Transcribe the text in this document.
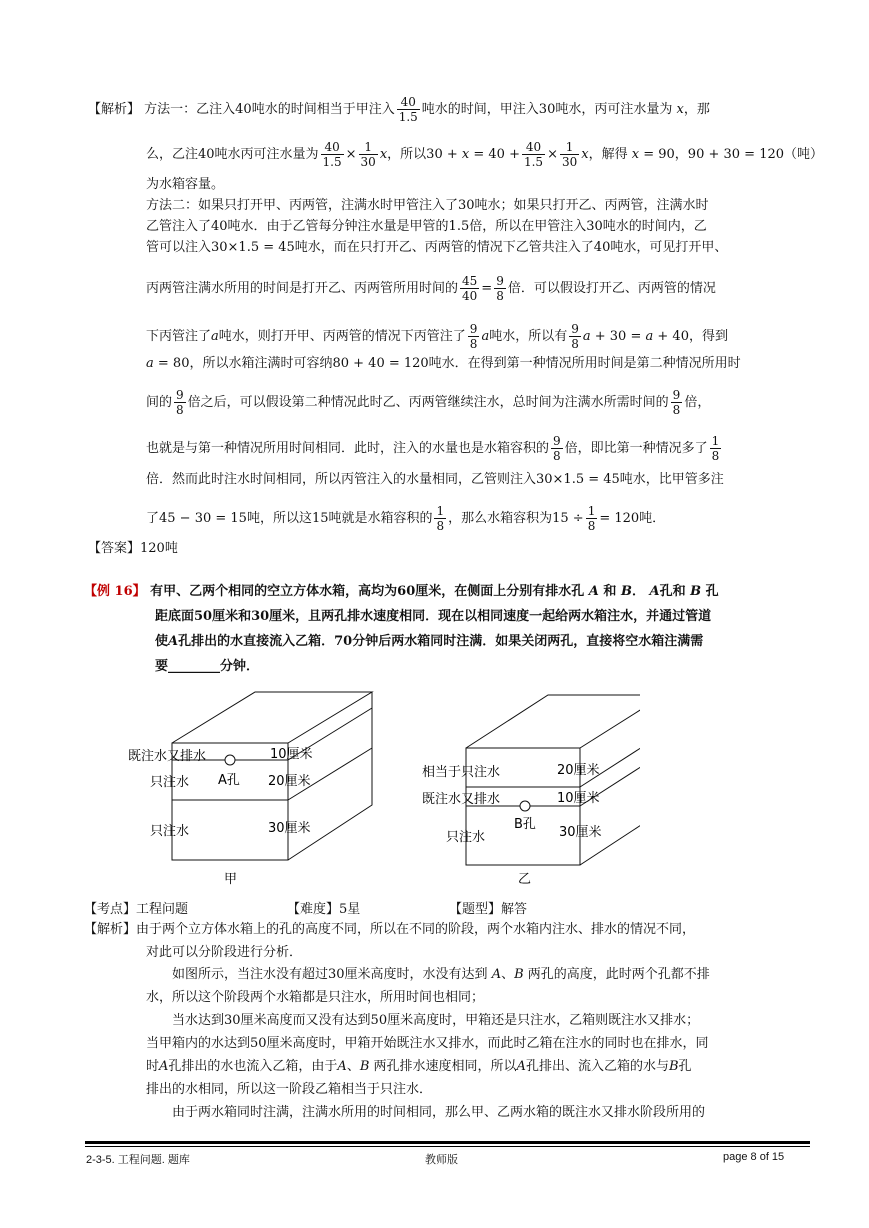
【解析】 方法一：乙注入40吨水的时间相当于甲注入 $\frac{40}{1.5}$ 吨水的时间，甲注入30吨水，丙可注水量为 x，那
么，乙注40吨水丙可注水量为 $\frac{40}{1.5} \times \frac{1}{30}$ x，所以$30 + x = 40 + \frac{40}{1.5} \times \frac{1}{30}$ x，解得 x = 90，90 + 30 = 120（吨）
为水箱容量。
方法二：如果只打开甲、丙两管，注满水时甲管注入了30吨水；如果只打开乙、丙两管，注满水时
乙管注入了40吨水．由于乙管每分钟注水量是甲管的1.5倍，所以在甲管注入30吨水的时间内，乙
管可以注入30×1.5 = 45吨水，而在只打开乙、丙两管的情况下乙管共注入了40吨水，可见打开甲、
丙两管注满水所用的时间是打开乙、丙两管所用时间的 $\frac{45}{40} = \frac{9}{8}$ 倍．可以假设打开乙、丙两管的情况
下丙管注了a吨水，则打开甲、丙两管的情况下丙管注了 $\frac{9}{8}$ a吨水，所以有 $\frac{9}{8}$ a + 30 = a + 40，得到
a = 80，所以水箱注满时可容纳80 + 40 = 120吨水．在得到第一种情况所用时间是第二种情况所用时
间的 $\frac{9}{8}$ 倍之后，可以假设第二种情况此时乙、丙两管继续注水，总时间为注满水所需时间的 $\frac{9}{8}$ 倍，
也就是与第一种情况所用时间相同．此时，注入的水量也是水箱容积的 $\frac{9}{8}$ 倍，即比第一种情况多了 $\frac{1}{8}$
倍．然而此时注水时间相同，所以丙管注入的水量相同，乙管则注入30×1.5 = 45吨水，比甲管多注
了45 − 30 = 15吨，所以这15吨就是水箱容积的 $\frac{1}{8}$ ，那么水箱容积为$15 \div \frac{1}{8} = 120$吨．
【答案】120吨
【例 16】 有甲、乙两个相同的空立方体水箱，高均为60厘米，在侧面上分别有排水孔 A 和 B． A孔和 B 孔
距底面50厘米和30厘米，且两孔排水速度相同．现在以相同速度一起给两水箱注水，并通过管道
使A孔排出的水直接流入乙箱．70分钟后两水箱同时注满．如果关闭两孔，直接将空水箱注满需
要________分钟．
既注水又排水
只注水
只注水
A孔
10厘米
20厘米
30厘米
甲
相当于只注水
既注水又排水
只注水
B孔
20厘米
10厘米
30厘米
乙
【考点】工程问题	【难度】5星	【题型】解答
【解析】由于两个立方体水箱上的孔的高度不同，所以在不同的阶段，两个水箱内注水、排水的情况不同，
对此可以分阶段进行分析．
如图所示，当注水没有超过30厘米高度时，水没有达到 A、B 两孔的高度，此时两个孔都不排
水，所以这个阶段两个水箱都是只注水，所用时间也相同；
当水达到30厘米高度而又没有达到50厘米高度时，甲箱还是只注水，乙箱则既注水又排水；
当甲箱内的水达到50厘米高度时，甲箱开始既注水又排水，而此时乙箱在注水的同时也在排水，同
时A孔排出的水也流入乙箱，由于A、B 两孔排水速度相同，所以A孔排出、流入乙箱的水与B孔
排出的水相同，所以这一阶段乙箱相当于只注水．
由于两水箱同时注满，注满水所用的时间相同，那么甲、乙两水箱的既注水又排水阶段所用的
2-3-5. 工程问题. 题库	教师版	page 8 of 15
